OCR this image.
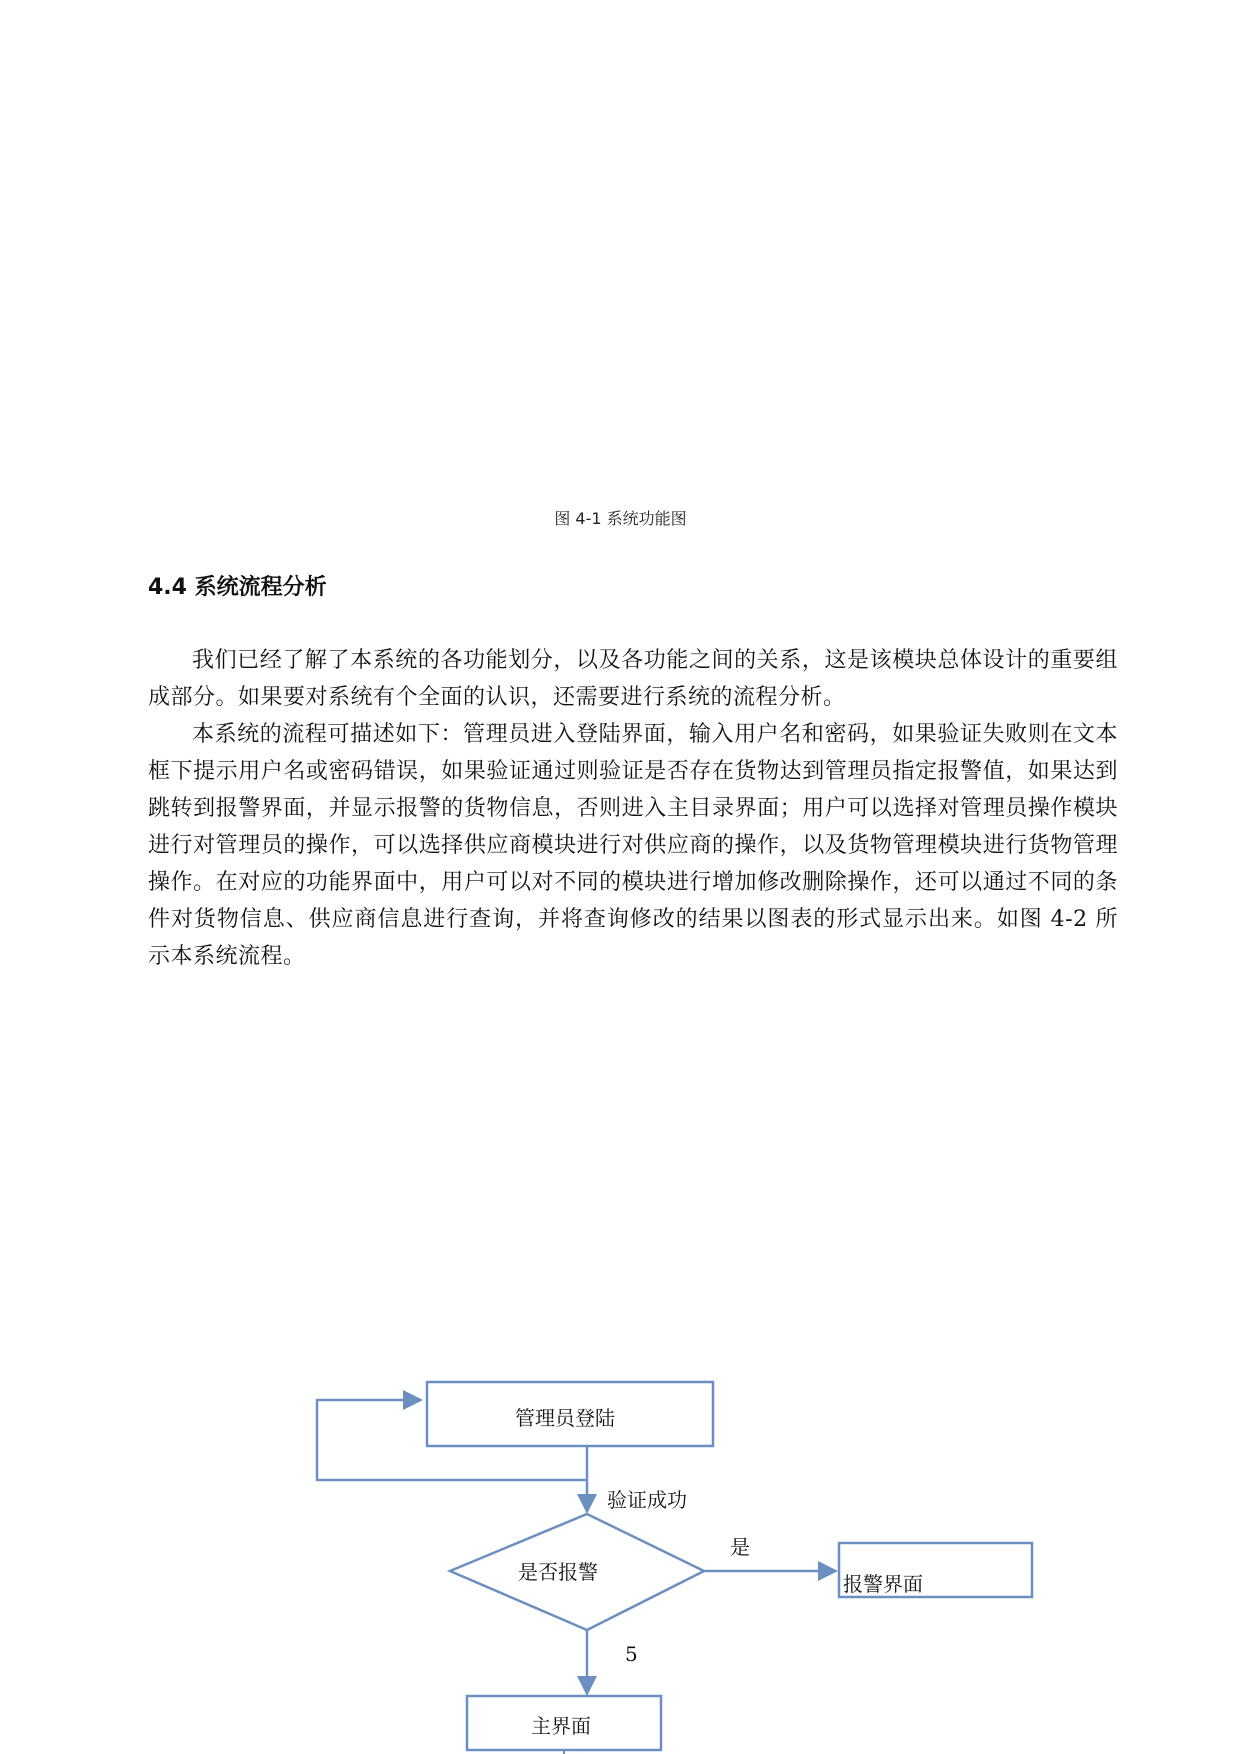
图 4-1 系统功能图
4.4 系统流程分析

我们已经了解了本系统的各功能划分，以及各功能之间的关系，这是该模块总体设计的重要组成部分。如果要对系统有个全面的认识，还需要进行系统的流程分析。

本系统的流程可描述如下：管理员进入登陆界面，输入用户名和密码，如果验证失败则在文本框下提示用户名或密码错误，如果验证通过则验证是否存在货物达到管理员指定报警值，如果达到跳转到报警界面，并显示报警的货物信息，否则进入主目录界面；用户可以选择对管理员操作模块进行对管理员的操作，可以选择供应商模块进行对供应商的操作，以及货物管理模块进行货物管理操作。在对应的功能界面中，用户可以对不同的模块进行增加修改删除操作，还可以通过不同的条件对货物信息、供应商信息进行查询，并将查询修改的结果以图表的形式显示出来。如图 4-2 所示本系统流程。

管理员登陆
验证成功
是
是否报警	报警界面
5
主界面
